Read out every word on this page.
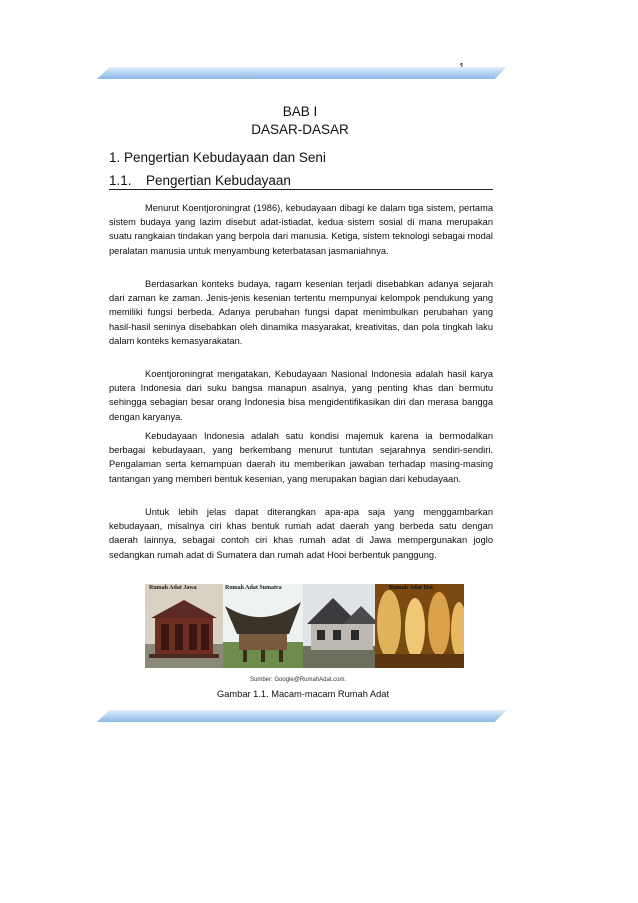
BAB I
DASAR-DASAR
1. Pengertian Kebudayaan dan Seni
1.1. Pengertian Kebudayaan
Menurut Koentjoroningrat (1986), kebudayaan dibagi ke dalam tiga sistem, pertama sistem budaya yang lazim disebut adat-istiadat, kedua sistem sosial di mana merupakan suatu rangkaian tindakan yang berpola dari manusia. Ketiga, sistem teknologi sebagai modal peralatan manusia untuk menyambung keterbatasan jasmaniahnya.
Berdasarkan konteks budaya, ragam kesenian terjadi disebabkan adanya sejarah dari zaman ke zaman. Jenis-jenis kesenian tertentu mempunyai kelompok pendukung yang memiliki fungsi berbeda. Adanya perubahan fungsi dapat menimbulkan perubahan yang hasil-hasil seninya disebabkan oleh dinamika masyarakat, kreativitas, dan pola tingkah laku dalam konteks kemasyarakatan.
Koentjoroningrat mengatakan, Kebudayaan Nasional Indonesia adalah hasil karya putera Indonesia dari suku bangsa manapun asalnya, yang penting khas dan bermutu sehingga sebagian besar orang Indonesia bisa mengidentifikasikan diri dan merasa bangga dengan karyanya.
Kebudayaan Indonesia adalah satu kondisi majemuk karena ia bermodalkan berbagai kebudayaan, yang berkembang menurut tuntutan sejarahnya sendiri-sendiri. Pengalaman serta kemampuan daerah itu memberikan jawaban terhadap masing-masing tantangan yang memberi bentuk kesenian, yang merupakan bagian dari kebudayaan.
Untuk lebih jelas dapat diterangkan apa-apa saja yang menggambarkan kebudayaan, misalnya ciri khas bentuk rumah adat daerah yang berbeda satu dengan daerah lainnya, sebagai contoh ciri khas rumah adat di Jawa mempergunakan joglo sedangkan rumah adat di Sumatera dan rumah adat Hooi berbentuk panggung.
Rumah Adat Jawa	Rumah Adat Sumatra	Rumah Adat Hoi.
Sumber: Google@RumahAdat.com.
Gambar 1.1. Macam-macam Rumah Adat
